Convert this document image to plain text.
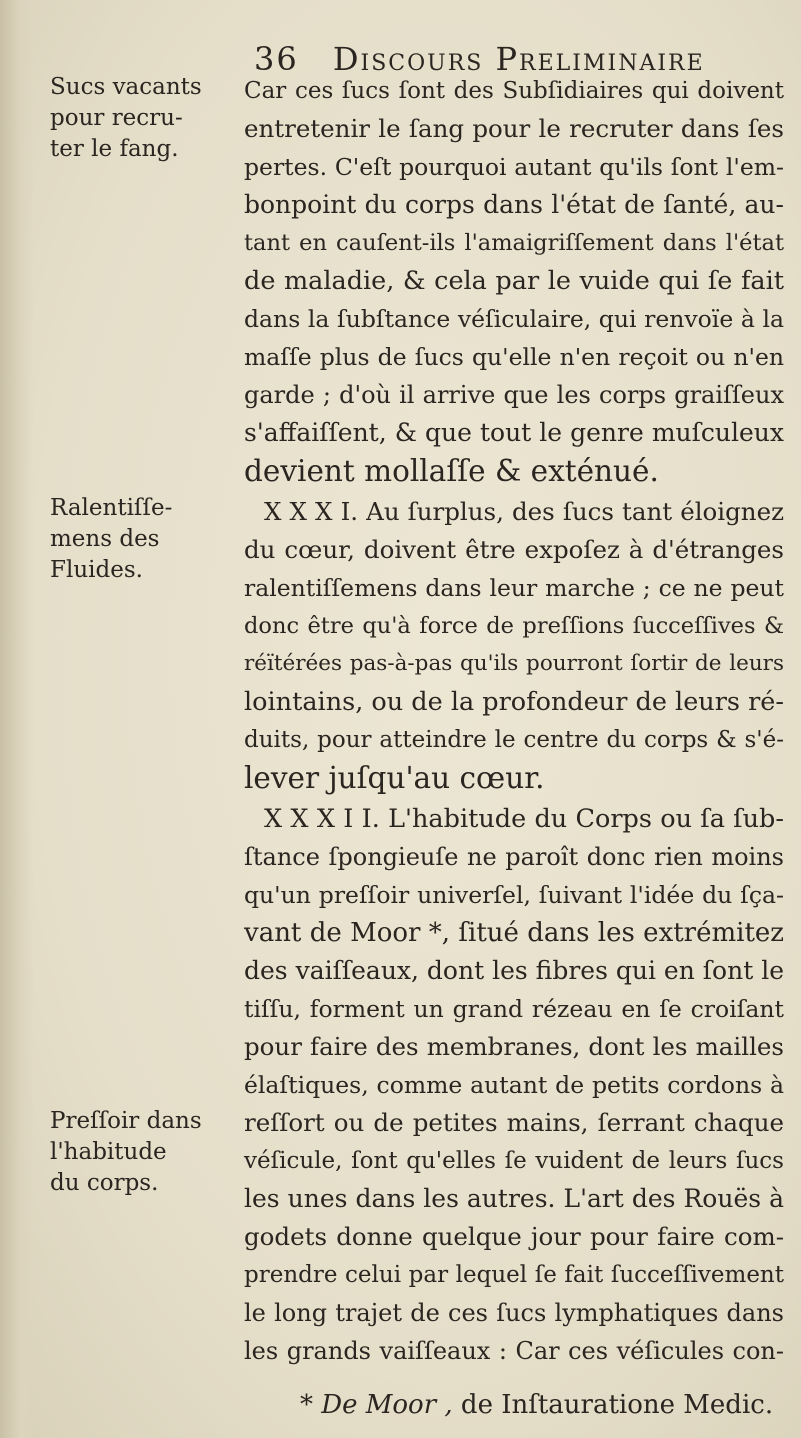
36 Discours Preliminaire
Sucs vacants
pour recru-
ter le fang.
Ralentiſſe-
mens des
Fluides.
Preſſoir dans
l'habitude
du corps.
Car ces ſucs ſont des Subſidiaires qui doivent
entretenir le ſang pour le recruter dans ſes
pertes. C'eſt pourquoi autant qu'ils ſont l'em-
bonpoint du corps dans l'état de ſanté, au-
tant en cauſent-ils l'amaigriſſement dans l'état
de maladie, & cela par le vuide qui ſe fait
dans la ſubſtance véſiculaire, qui renvoïe à la
maſſe plus de ſucs qu'elle n'en reçoit ou n'en
garde ; d'où il arrive que les corps graiſſeux
s'affaiſſent, & que tout le genre muſculeux
devient mollaſſe & exténué.
X X X I. Au ſurplus, des ſucs tant éloignez
du cœur, doivent être expoſez à d'étranges
ralentiſſemens dans leur marche ; ce ne peut
donc être qu'à force de preſſions ſucceſſives &
réïtérées pas-à-pas qu'ils pourront ſortir de leurs
lointains, ou de la profondeur de leurs ré-
duits, pour atteindre le centre du corps & s'é-
lever juſqu'au cœur.
X X X I I. L'habitude du Corps ou ſa ſub-
ſtance ſpongieuſe ne paroît donc rien moins
qu'un preſſoir univerſel, ſuivant l'idée du ſça-
vant de Moor *, ſitué dans les extrémitez
des vaiſſeaux, dont les fibres qui en ſont le
tiſſu, forment un grand rézeau en ſe croiſant
pour faire des membranes, dont les mailles
élaſtiques, comme autant de petits cordons à
reſſort ou de petites mains, ſerrant chaque
véſicule, ſont qu'elles ſe vuident de leurs ſucs
les unes dans les autres. L'art des Rouës à
godets donne quelque jour pour faire com-
prendre celui par lequel ſe fait ſucceſſivement
le long trajet de ces ſucs lymphatiques dans
les grands vaiſſeaux : Car ces véſicules con-
* De Moor , de Inſtauratione Medic.
